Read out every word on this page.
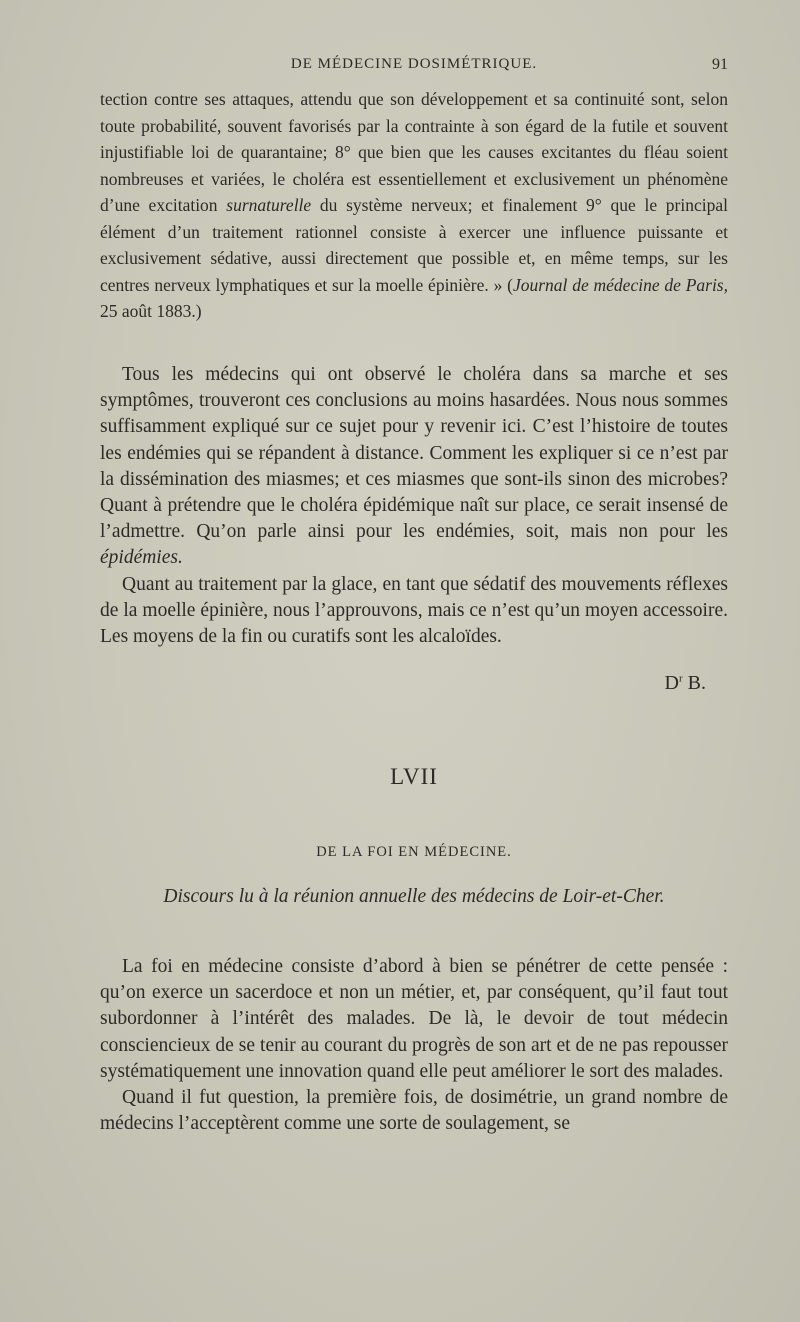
DE MÉDECINE DOSIMÉTRIQUE.	91

tection contre ses attaques, attendu que son développement et sa continuité sont, selon toute probabilité, souvent favorisés par la contrainte à son égard de la futile et souvent injustifiable loi de quarantaine; 8° que bien que les causes excitantes du fléau soient nombreuses et variées, le choléra est essentiellement et exclusivement un phénomène d’une excitation surnaturelle du système nerveux; et finalement 9° que le principal élément d’un traitement rationnel consiste à exercer une influence puissante et exclusivement sédative, aussi directement que possible et, en même temps, sur les centres nerveux lymphatiques et sur la moelle épinière. » (Journal de médecine de Paris, 25 août 1883.)

Tous les médecins qui ont observé le choléra dans sa marche et ses symptômes, trouveront ces conclusions au moins hasardées. Nous nous sommes suffisamment expliqué sur ce sujet pour y revenir ici. C’est l’histoire de toutes les endémies qui se répandent à distance. Comment les expliquer si ce n’est par la dissémination des miasmes; et ces miasmes que sont-ils sinon des microbes? Quant à prétendre que le choléra épidémique naît sur place, ce serait insensé de l’admettre. Qu’on parle ainsi pour les endémies, soit, mais non pour les épidémies.

Quant au traitement par la glace, en tant que sédatif des mouvements réflexes de la moelle épinière, nous l’approuvons, mais ce n’est qu’un moyen accessoire. Les moyens de la fin ou curatifs sont les alcaloïdes.

$D^r$ B.
LVII
DE LA FOI EN MÉDECINE.
Discours lu à la réunion annuelle des médecins de Loir-et-Cher.

La foi en médecine consiste d’abord à bien se pénétrer de cette pensée : qu’on exerce un sacerdoce et non un métier, et, par conséquent, qu’il faut tout subordonner à l’intérêt des malades. De là, le devoir de tout médecin consciencieux de se tenir au courant du progrès de son art et de ne pas repousser systématiquement une innovation quand elle peut améliorer le sort des malades.

Quand il fut question, la première fois, de dosimétrie, un grand nombre de médecins l’acceptèrent comme une sorte de soulagement, se
